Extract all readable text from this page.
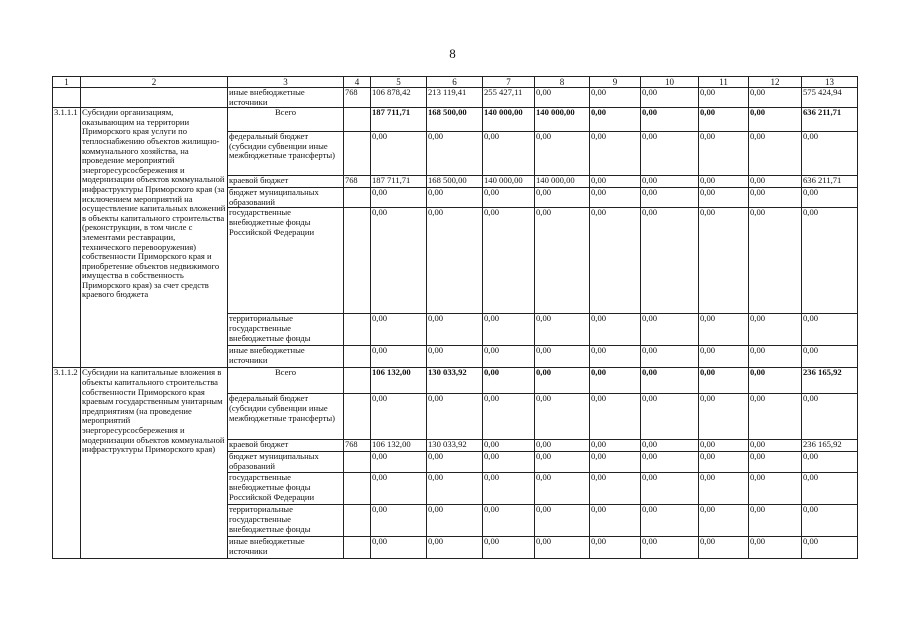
8
1	2	3	4	5	6	7	8	9	10	11	12	13
		иные внебюджетные источники	768	106 878,42	213 119,41	255 427,11	0,00	0,00	0,00	0,00	0,00	575 424,94
3.1.1.1	Субсидии организациям, оказывающим на территории Приморского края услуги по теплоснабжению объектов жилищно-коммунального хозяйства, на проведение мероприятий энергоресурсосбережения и модернизации объектов коммунальной инфраструктуры Приморского края (за исключением мероприятий на осуществление капитальных вложений в объекты капитального строительства (реконструкции, в том числе с элементами реставрации, технического перевооружения) собственности Приморского края и приобретение объектов недвижимого имущества в собственность Приморского края) за счет средств краевого бюджета	Всего		187 711,71	168 500,00	140 000,00	140 000,00	0,00	0,00	0,00	0,00	636 211,71
		федеральный бюджет (субсидии субвенции иные межбюджетные трансферты)		0,00	0,00	0,00	0,00	0,00	0,00	0,00	0,00	0,00
		краевой бюджет	768	187 711,71	168 500,00	140 000,00	140 000,00	0,00	0,00	0,00	0,00	636 211,71
		бюджет муниципальных образований		0,00	0,00	0,00	0,00	0,00	0,00	0,00	0,00	0,00
		государственные внебюджетные фонды Российской Федерации		0,00	0,00	0,00	0,00	0,00	0,00	0,00	0,00	0,00
		территориальные государственные внебюджетные фонды		0,00	0,00	0,00	0,00	0,00	0,00	0,00	0,00	0,00
		иные внебюджетные источники		0,00	0,00	0,00	0,00	0,00	0,00	0,00	0,00	0,00
3.1.1.2	Субсидии на капитальные вложения в объекты капитального строительства собственности Приморского края краевым государственным унитарным предприятиям (на проведение мероприятий энергоресурсосбережения и модернизации объектов коммунальной инфраструктуры Приморского края)	Всего		106 132,00	130 033,92	0,00	0,00	0,00	0,00	0,00	0,00	236 165,92
		федеральный бюджет (субсидии субвенции иные межбюджетные трансферты)		0,00	0,00	0,00	0,00	0,00	0,00	0,00	0,00	0,00
		краевой бюджет	768	106 132,00	130 033,92	0,00	0,00	0,00	0,00	0,00	0,00	236 165,92
		бюджет муниципальных образований		0,00	0,00	0,00	0,00	0,00	0,00	0,00	0,00	0,00
		государственные внебюджетные фонды Российской Федерации		0,00	0,00	0,00	0,00	0,00	0,00	0,00	0,00	0,00
		территориальные государственные внебюджетные фонды		0,00	0,00	0,00	0,00	0,00	0,00	0,00	0,00	0,00
		иные внебюджетные источники		0,00	0,00	0,00	0,00	0,00	0,00	0,00	0,00	0,00
